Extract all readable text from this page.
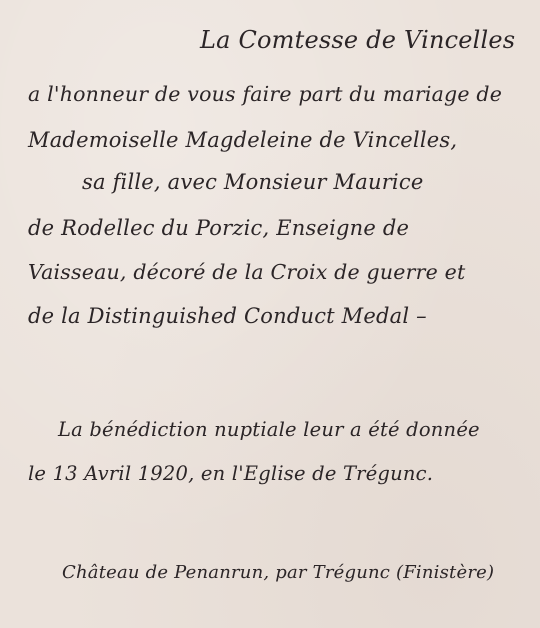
La Comtesse de Vincelles

a l'honneur de vous faire part du mariage de

Mademoiselle Magdeleine de Vincelles,

sa fille, avec Monsieur Maurice

de Rodellec du Porzic, Enseigne de

Vaisseau, décoré de la Croix de guerre et

de la Distinguished Conduct Medal –

La bénédiction nuptiale leur a été donnée

le 13 Avril 1920, en l'Eglise de Trégunc.

Château de Penanrun, par Trégunc (Finistère)
